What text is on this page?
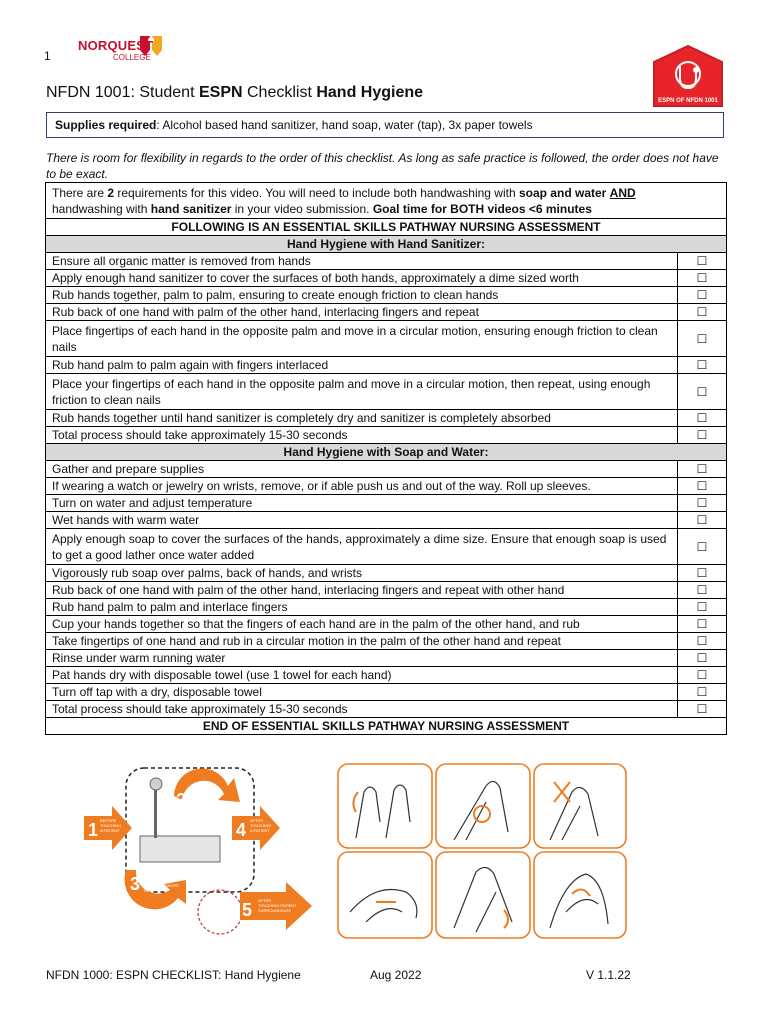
1
NORQUEST
COLLEGE
ESPN OF NFDN 1001
NFDN 1001: Student ESPN Checklist Hand Hygiene
Supplies required: Alcohol based hand sanitizer, hand soap, water (tap), 3x paper towels
There is room for flexibility in regards to the order of this checklist. As long as safe practice is followed, the order does not have to be exact.
There are 2 requirements for this video. You will need to include both handwashing with soap and water AND
handwashing with hand sanitizer in your video submission. Goal time for BOTH videos <6 minutes	
FOLLOWING IS AN ESSENTIAL SKILLS PATHWAY NURSING ASSESSMENT	
Hand Hygiene with Hand Sanitizer:	
Ensure all organic matter is removed from hands	☐
Apply enough hand sanitizer to cover the surfaces of both hands, approximately a dime sized worth	☐
Rub hands together, palm to palm, ensuring to create enough friction to clean hands	☐
Rub back of one hand with palm of the other hand, interlacing fingers and repeat	☐
Place fingertips of each hand in the opposite palm and move in a circular motion, ensuring enough friction to clean nails	☐
Rub hand palm to palm again with fingers interlaced	☐
Place your fingertips of each hand in the opposite palm and move in a circular motion, then repeat, using enough friction to clean nails	☐
Rub hands together until hand sanitizer is completely dry and sanitizer is completely absorbed	☐
Total process should take approximately 15-30 seconds	☐
Hand Hygiene with Soap and Water:	
Gather and prepare supplies	☐
If wearing a watch or jewelry on wrists, remove, or if able push us and out of the way. Roll up sleeves.	☐
Turn on water and adjust temperature	☐
Wet hands with warm water	☐
Apply enough soap to cover the surfaces of the hands, approximately a dime size. Ensure that enough soap is used to get a good lather once water added	☐
Vigorously rub soap over palms, back of hands, and wrists	☐
Rub back of one hand with palm of the other hand, interlacing fingers and repeat with other hand	☐
Rub hand palm to palm and interlace fingers	☐
Cup your hands together so that the fingers of each hand are in the palm of the other hand, and rub	☐
Take fingertips of one hand and rub in a circular motion in the palm of the other hand and repeat	☐
Rinse under warm running water	☐
Pat hands dry with disposable towel (use 1 towel for each hand)	☐
Turn off tap with a dry, disposable towel	☐
Total process should take approximately 15-30 seconds	☐
END OF ESSENTIAL SKILLS PATHWAY NURSING ASSESSMENT	
1 BEFORE
TOUCHING
A PATIENT
2
BEFORE
CLEAN/ASEPTIC
4 AFTER
TOUCHING
A PATIENT
3 AFTER BODY
FLUID EXPOSURE
RISK
5 AFTER
TOUCHING PATIENT
SURROUNDINGS
NFDN 1000: ESPN CHECKLIST: Hand Hygiene	Aug 2022	V 1.1.22
